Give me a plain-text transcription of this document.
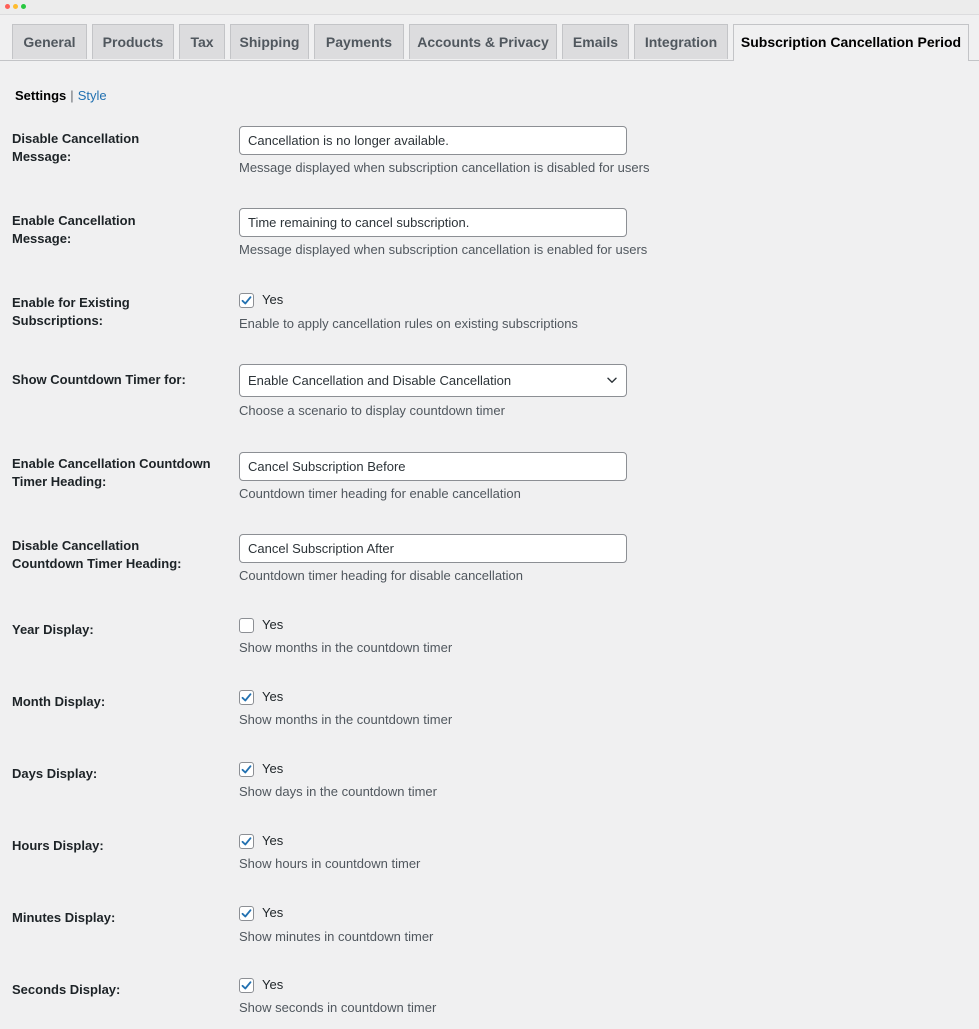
General	Products	Tax	Shipping	Payments	Accounts & Privacy	Emails	Integration	Subscription Cancellation Period
Settings | Style
Disable Cancellation Message:
Cancellation is no longer available.
Message displayed when subscription cancellation is disabled for users
Enable Cancellation Message:
Time remaining to cancel subscription.
Message displayed when subscription cancellation is enabled for users
Enable for Existing Subscriptions:
Yes
Enable to apply cancellation rules on existing subscriptions
Show Countdown Timer for:	Enable Cancellation and Disable Cancellation
Choose a scenario to display countdown timer
Enable Cancellation Countdown Timer Heading:
Cancel Subscription Before
Countdown timer heading for enable cancellation
Disable Cancellation Countdown Timer Heading:
Cancel Subscription After
Countdown timer heading for disable cancellation
Year Display:	Yes
Show months in the countdown timer
Month Display:	Yes
Show months in the countdown timer
Days Display:	Yes
Show days in the countdown timer
Hours Display:	Yes
Show hours in countdown timer
Minutes Display:	Yes
Show minutes in countdown timer
Seconds Display:	Yes
Show seconds in countdown timer
